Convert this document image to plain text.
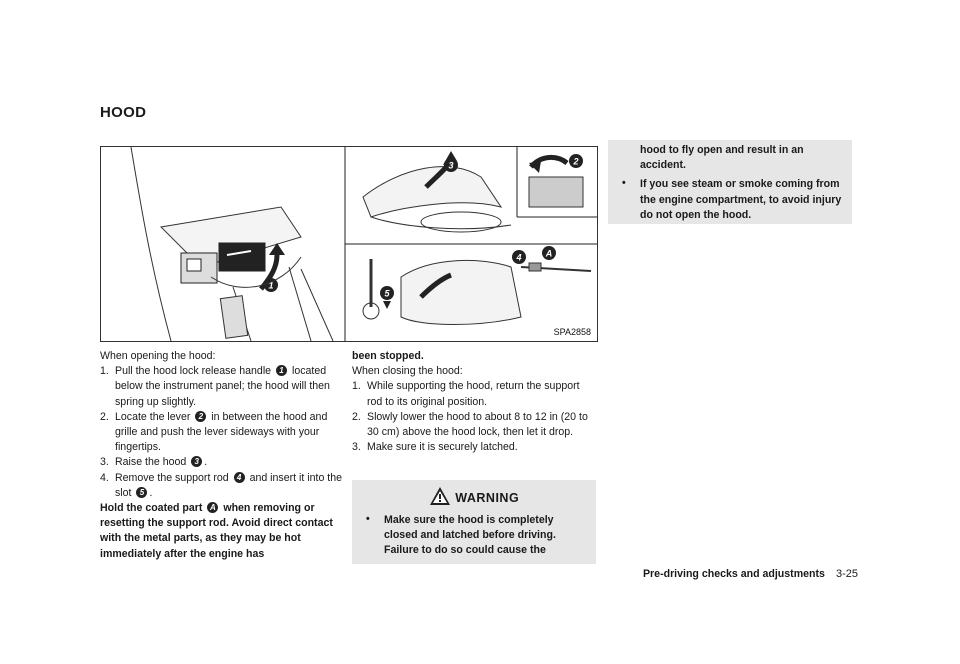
HOOD
1
3	2
5
4	A
SPA2858

When opening the hood:

1. Pull the hood lock release handle 1 located below the instrument panel; the hood will then spring up slightly.

2. Locate the lever 2 in between the hood and grille and push the lever sideways with your fingertips.

3. Raise the hood 3 .

4. Remove the support rod 4 and insert it into the slot 5 .

Hold the coated part A when removing or resetting the support rod. Avoid direct contact with the metal parts, as they may be hot immediately after the engine has

been stopped.

When closing the hood:

1. While supporting the hood, return the support rod to its original position.

2. Slowly lower the hood to about 8 to 12 in (20 to 30 cm) above the hood lock, then let it drop.

3. Make sure it is securely latched.

WARNING
• Make sure the hood is completely closed and latched before driving. Failure to do so could cause the
hood to fly open and result in an accident.
• If you see steam or smoke coming from the engine compartment, to avoid injury do not open the hood.
Pre-driving checks and adjustments 3-25
